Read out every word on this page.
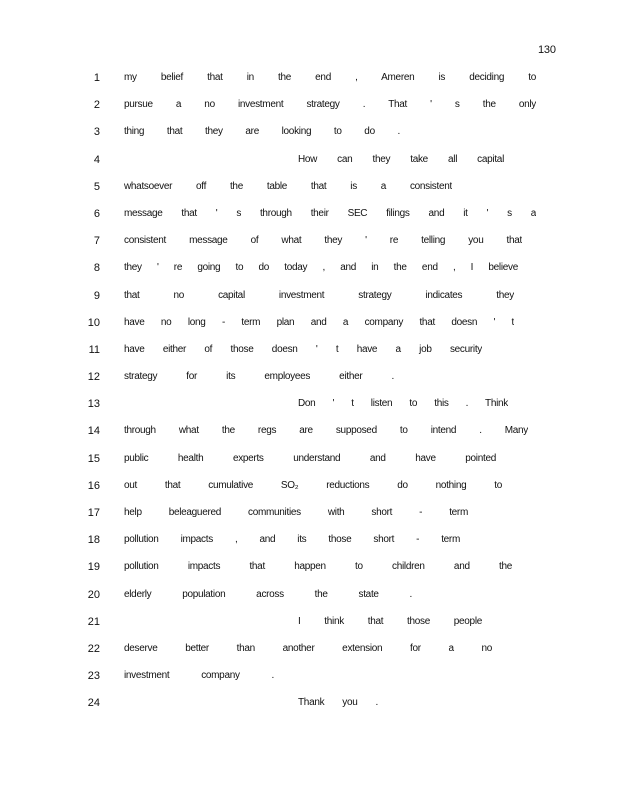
130
1 my belief that in the end , Ameren is deciding to
2 pursue a no investment strategy . That ' s the only
3 thing that they are looking to do .
4	How can they take all capital
5 whatsoever off the table that is a consistent
6 message that ' s through their SEC filings and it ' s a
7 consistent message of what they ' re telling you that
8 they ' re going to do today , and in the end , I believe
9 that no capital investment strategy indicates they
10 have no long - term plan and a company that doesn ' t
11 have either of those doesn ' t have a job security
12 strategy for its employees either .
13	Don ' t listen to this . Think
14 through what the regs are supposed to intend . Many
15 public health experts understand and have pointed
16 out that cumulative SO₂ reductions do nothing to
17 help beleaguered communities with short - term
18 pollution impacts , and its those short - term
19 pollution impacts that happen to children and the
20 elderly population across the state .
21	I think that those people
22 deserve better than another extension for a no
23 investment company .
24	Thank you .
